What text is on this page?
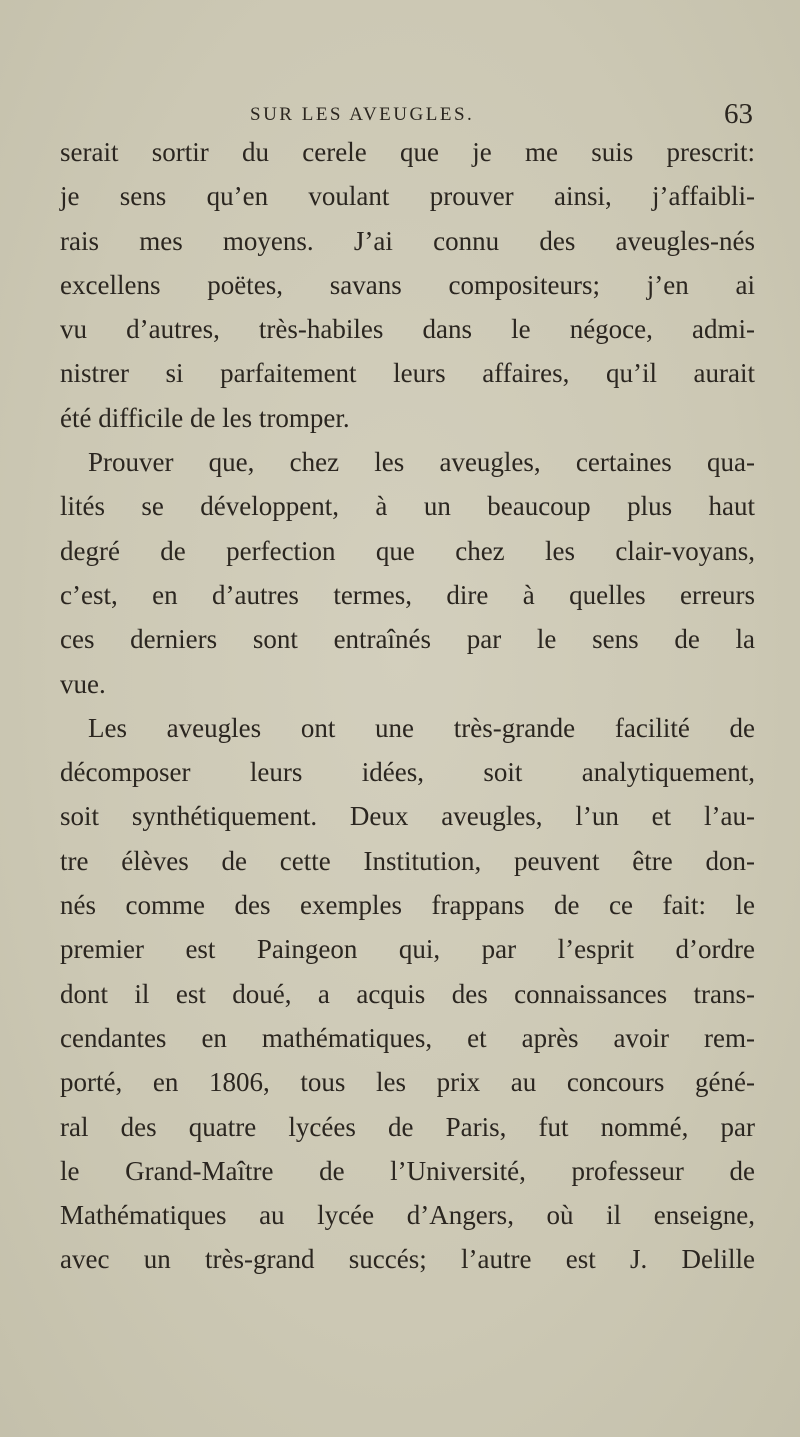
SUR LES AVEUGLES.	63
serait sortir du cerele que je me suis prescrit:
je sens qu’en voulant prouver ainsi, j’affaibli-
rais mes moyens. J’ai connu des aveugles-nés
excellens poëtes, savans compositeurs; j’en ai
vu d’autres, très-habiles dans le négoce, admi-
nistrer si parfaitement leurs affaires, qu’il aurait
été difficile de les tromper.
Prouver que, chez les aveugles, certaines qua-
lités se développent, à un beaucoup plus haut
degré de perfection que chez les clair-voyans,
c’est, en d’autres termes, dire à quelles erreurs
ces derniers sont entraînés par le sens de la
vue.
Les aveugles ont une très-grande facilité de
décomposer leurs idées, soit analytiquement,
soit synthétiquement. Deux aveugles, l’un et l’au-
tre élèves de cette Institution, peuvent être don-
nés comme des exemples frappans de ce fait: le
premier est Paingeon qui, par l’esprit d’ordre
dont il est doué, a acquis des connaissances trans-
cendantes en mathématiques, et après avoir rem-
porté, en 1806, tous les prix au concours géné-
ral des quatre lycées de Paris, fut nommé, par
le Grand-Maître de l’Université, professeur de
Mathématiques au lycée d’Angers, où il enseigne,
avec un très-grand succés; l’autre est J. Delille
